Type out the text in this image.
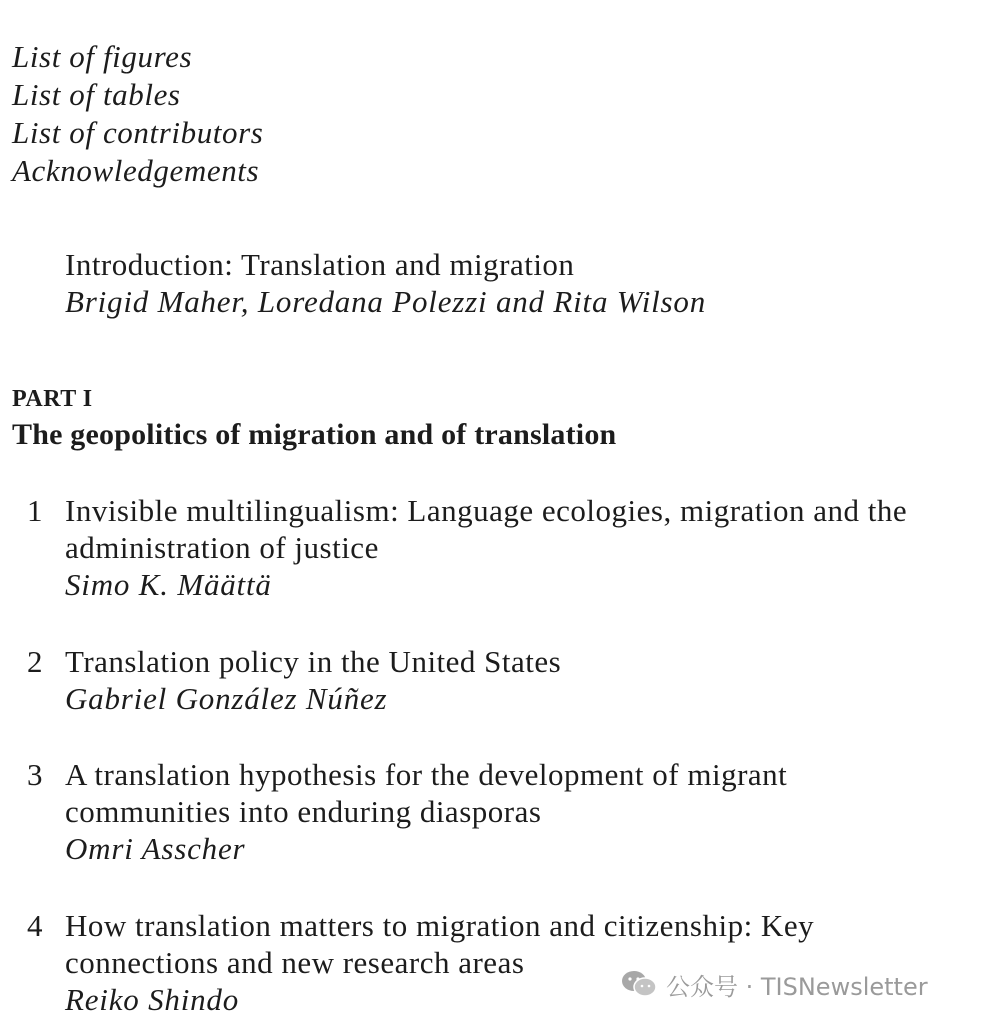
List of figures
List of tables
List of contributors
Acknowledgements
Introduction: Translation and migration
Brigid Maher, Loredana Polezzi and Rita Wilson
PART I
The geopolitics of migration and of translation
1 Invisible multilingualism: Language ecologies, migration and the
administration of justice
Simo K. Määttä
2 Translation policy in the United States
Gabriel González Núñez
3 A translation hypothesis for the development of migrant
communities into enduring diasporas
Omri Asscher
4 How translation matters to migration and citizenship: Key
connections and new research areas
Reiko Shindo	公众号 · TISNewsletter
